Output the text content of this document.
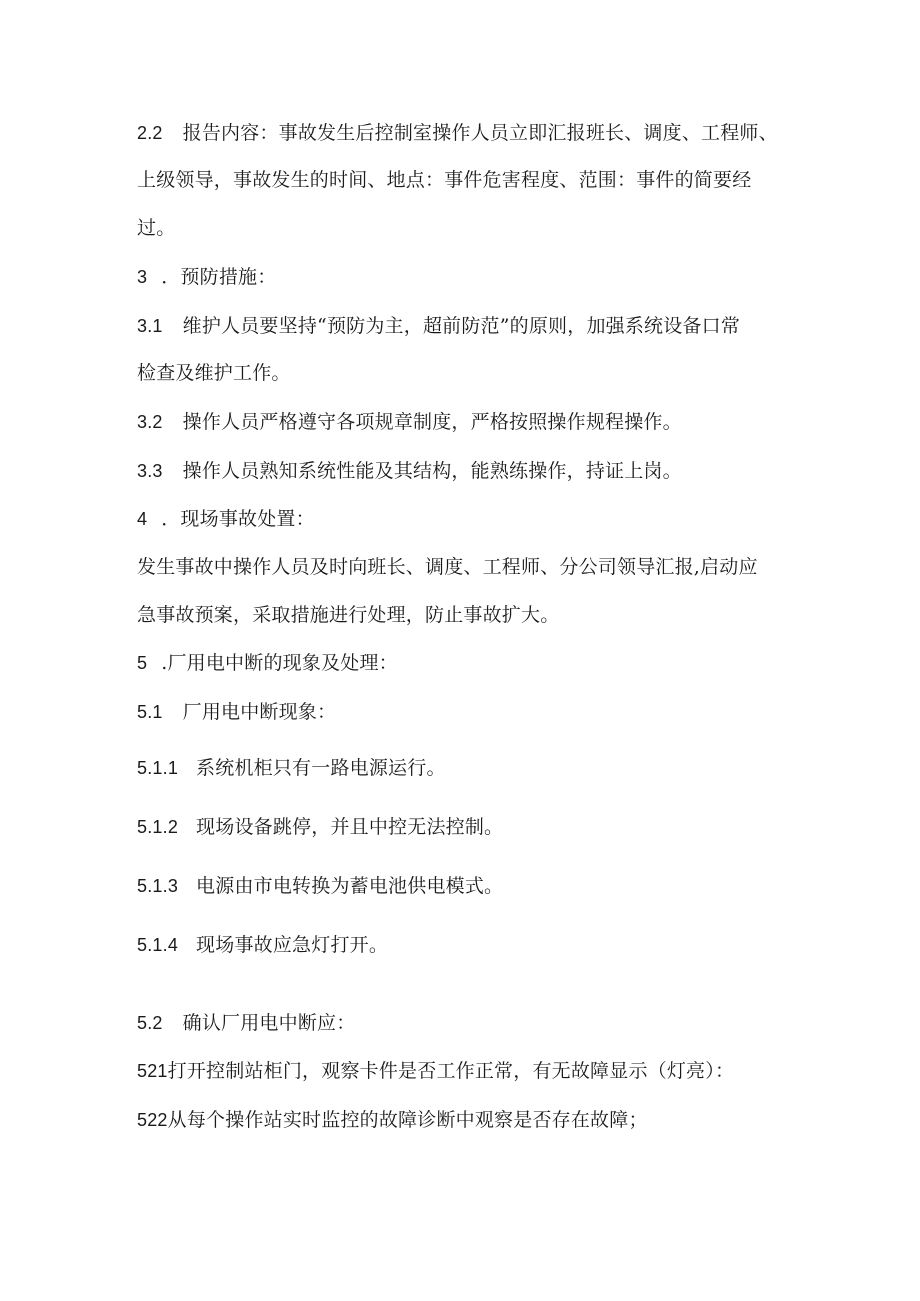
2.2 报告内容：事故发生后控制室操作人员立即汇报班长、调度、工程师、
上级领导，事故发生的时间、地点：事件危害程度、范围：事件的简要经
过。
3 ．预防措施：
3.1 维护人员要坚持“预防为主，超前防范”的原则，加强系统设备口常
检查及维护工作。
3.2 操作人员严格遵守各项规章制度，严格按照操作规程操作。
3.3 操作人员熟知系统性能及其结构，能熟练操作，持证上岗。
4 ．现场事故处置：
发生事故中操作人员及时向班长、调度、工程师、分公司领导汇报,启动应
急事故预案，采取措施进行处理，防止事故扩大。
5 .厂用电中断的现象及处理：
5.1 厂用电中断现象：
5.1.1 系统机柜只有一路电源运行。
5.1.2 现场设备跳停，并且中控无法控制。
5.1.3 电源由市电转换为蓄电池供电模式。
5.1.4 现场事故应急灯打开。
5.2 确认厂用电中断应：
521打开控制站柜门，观察卡件是否工作正常，有无故障显示（灯亮）：
522从每个操作站实时监控的故障诊断中观察是否存在故障；
